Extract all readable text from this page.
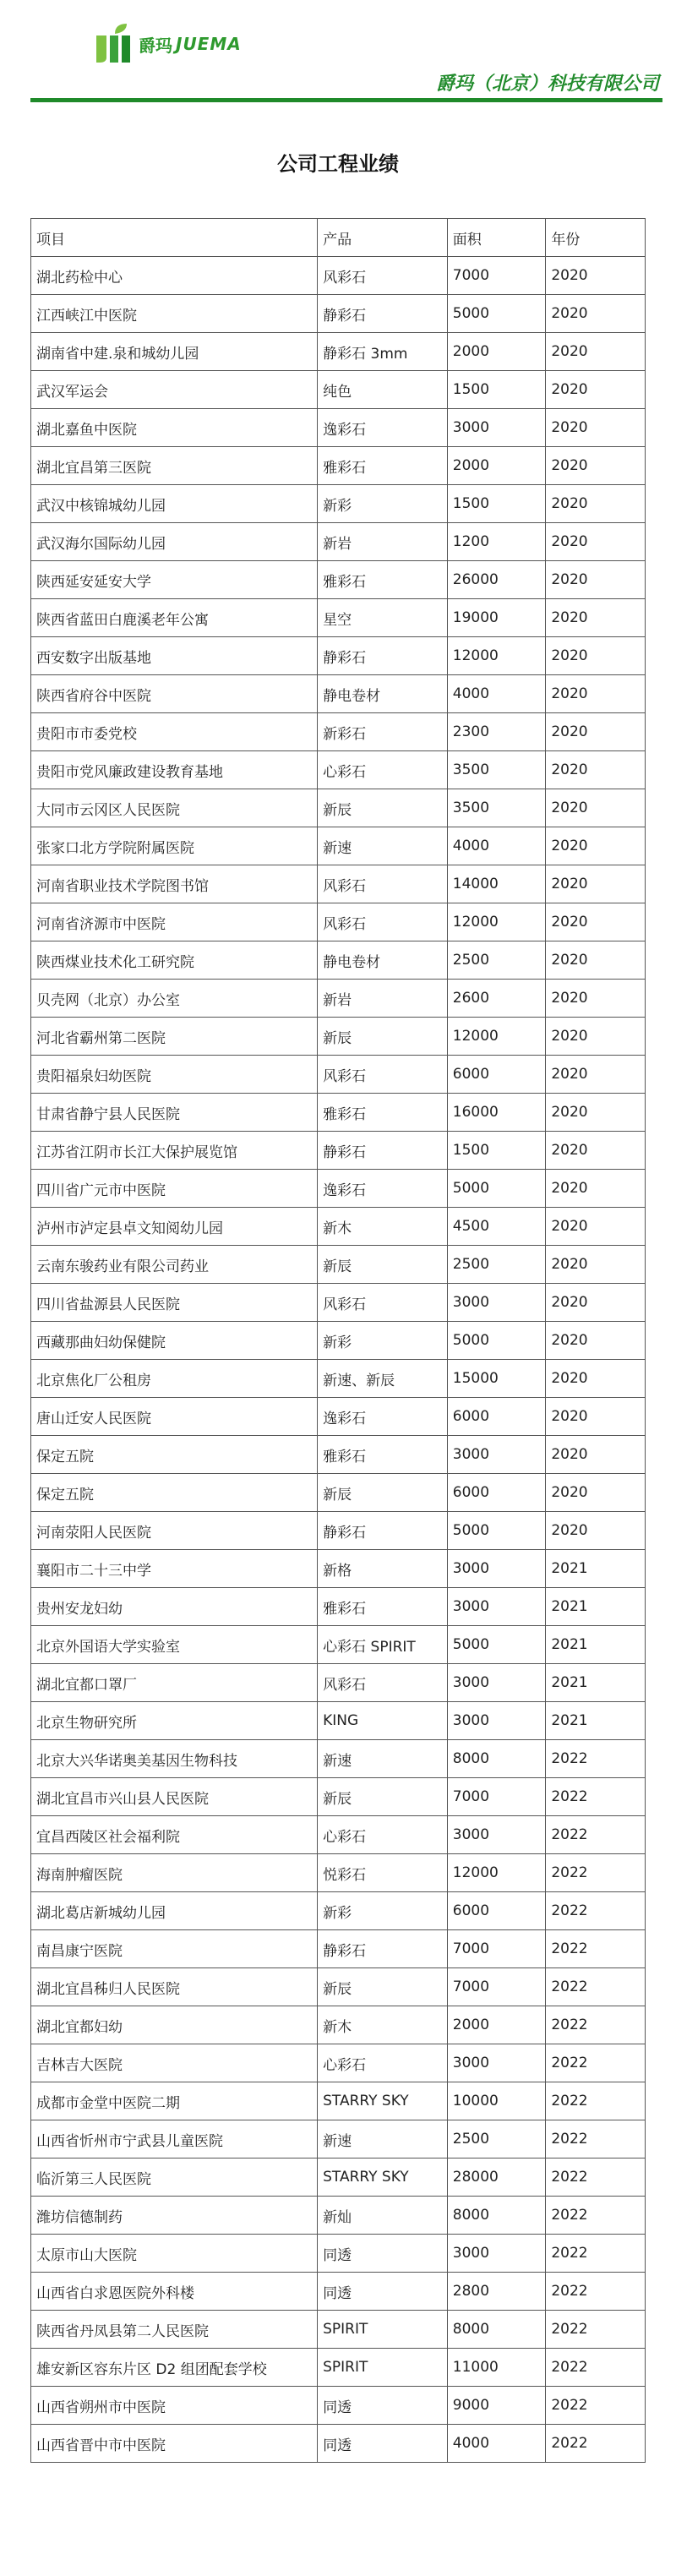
爵玛 JUEMA
爵玛（北京）科技有限公司
公司工程业绩
项目	产品	面积	年份
湖北药检中心	风彩石	7000	2020
江西峡江中医院	静彩石	5000	2020
湖南省中建.泉和城幼儿园	静彩石 3mm	2000	2020
武汉军运会	纯色	1500	2020
湖北嘉鱼中医院	逸彩石	3000	2020
湖北宜昌第三医院	雅彩石	2000	2020
武汉中核锦城幼儿园	新彩	1500	2020
武汉海尔国际幼儿园	新岩	1200	2020
陕西延安延安大学	雅彩石	26000	2020
陕西省蓝田白鹿溪老年公寓	星空	19000	2020
西安数字出版基地	静彩石	12000	2020
陕西省府谷中医院	静电卷材	4000	2020
贵阳市市委党校	新彩石	2300	2020
贵阳市党风廉政建设教育基地	心彩石	3500	2020
大同市云冈区人民医院	新辰	3500	2020
张家口北方学院附属医院	新速	4000	2020
河南省职业技术学院图书馆	风彩石	14000	2020
河南省济源市中医院	风彩石	12000	2020
陕西煤业技术化工研究院	静电卷材	2500	2020
贝壳网（北京）办公室	新岩	2600	2020
河北省霸州第二医院	新辰	12000	2020
贵阳福泉妇幼医院	风彩石	6000	2020
甘肃省静宁县人民医院	雅彩石	16000	2020
江苏省江阴市长江大保护展览馆	静彩石	1500	2020
四川省广元市中医院	逸彩石	5000	2020
泸州市泸定县卓文知阅幼儿园	新木	4500	2020
云南东骏药业有限公司药业	新辰	2500	2020
四川省盐源县人民医院	风彩石	3000	2020
西藏那曲妇幼保健院	新彩	5000	2020
北京焦化厂公租房	新速、新辰	15000	2020
唐山迁安人民医院	逸彩石	6000	2020
保定五院	雅彩石	3000	2020
保定五院	新辰	6000	2020
河南荥阳人民医院	静彩石	5000	2020
襄阳市二十三中学	新格	3000	2021
贵州安龙妇幼	雅彩石	3000	2021
北京外国语大学实验室	心彩石 SPIRIT	5000	2021
湖北宜都口罩厂	风彩石	3000	2021
北京生物研究所	KING	3000	2021
北京大兴华诺奥美基因生物科技	新速	8000	2022
湖北宜昌市兴山县人民医院	新辰	7000	2022
宜昌西陵区社会福利院	心彩石	3000	2022
海南肿瘤医院	悦彩石	12000	2022
湖北葛店新城幼儿园	新彩	6000	2022
南昌康宁医院	静彩石	7000	2022
湖北宜昌秭归人民医院	新辰	7000	2022
湖北宜都妇幼	新木	2000	2022
吉林吉大医院	心彩石	3000	2022
成都市金堂中医院二期	STARRY SKY	10000	2022
山西省忻州市宁武县儿童医院	新速	2500	2022
临沂第三人民医院	STARRY SKY	28000	2022
潍坊信德制药	新灿	8000	2022
太原市山大医院	同透	3000	2022
山西省白求恩医院外科楼	同透	2800	2022
陕西省丹凤县第二人民医院	SPIRIT	8000	2022
雄安新区容东片区 D2 组团配套学校	SPIRIT	11000	2022
山西省朔州市中医院	同透	9000	2022
山西省晋中市中医院	同透	4000	2022
